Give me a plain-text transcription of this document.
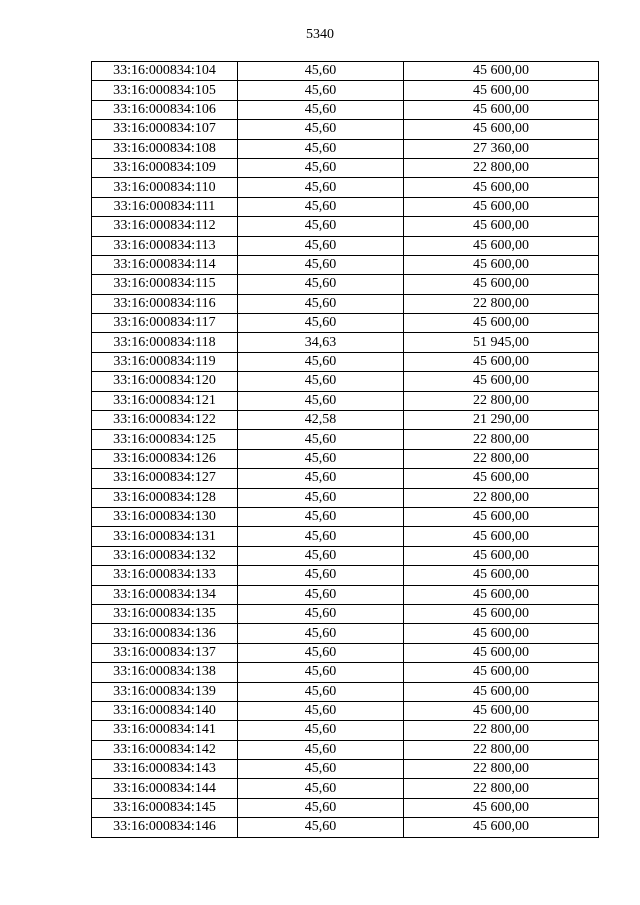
5340
33:16:000834:104	45,60	45 600,00
33:16:000834:105	45,60	45 600,00
33:16:000834:106	45,60	45 600,00
33:16:000834:107	45,60	45 600,00
33:16:000834:108	45,60	27 360,00
33:16:000834:109	45,60	22 800,00
33:16:000834:110	45,60	45 600,00
33:16:000834:111	45,60	45 600,00
33:16:000834:112	45,60	45 600,00
33:16:000834:113	45,60	45 600,00
33:16:000834:114	45,60	45 600,00
33:16:000834:115	45,60	45 600,00
33:16:000834:116	45,60	22 800,00
33:16:000834:117	45,60	45 600,00
33:16:000834:118	34,63	51 945,00
33:16:000834:119	45,60	45 600,00
33:16:000834:120	45,60	45 600,00
33:16:000834:121	45,60	22 800,00
33:16:000834:122	42,58	21 290,00
33:16:000834:125	45,60	22 800,00
33:16:000834:126	45,60	22 800,00
33:16:000834:127	45,60	45 600,00
33:16:000834:128	45,60	22 800,00
33:16:000834:130	45,60	45 600,00
33:16:000834:131	45,60	45 600,00
33:16:000834:132	45,60	45 600,00
33:16:000834:133	45,60	45 600,00
33:16:000834:134	45,60	45 600,00
33:16:000834:135	45,60	45 600,00
33:16:000834:136	45,60	45 600,00
33:16:000834:137	45,60	45 600,00
33:16:000834:138	45,60	45 600,00
33:16:000834:139	45,60	45 600,00
33:16:000834:140	45,60	45 600,00
33:16:000834:141	45,60	22 800,00
33:16:000834:142	45,60	22 800,00
33:16:000834:143	45,60	22 800,00
33:16:000834:144	45,60	22 800,00
33:16:000834:145	45,60	45 600,00
33:16:000834:146	45,60	45 600,00
